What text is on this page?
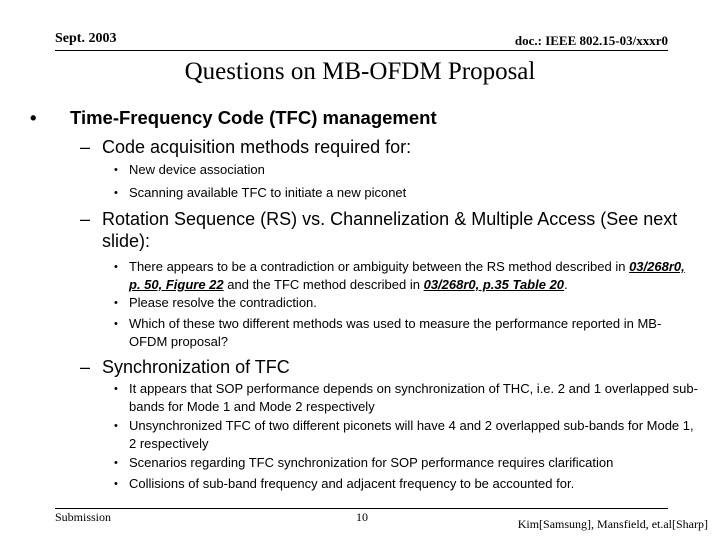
Sept. 2003	doc.: IEEE 802.15-03/xxxr0
Questions on MB-OFDM Proposal
• Time-Frequency Code (TFC) management
– Code acquisition methods required for:
• New device association
• Scanning available TFC to initiate a new piconet
– Rotation Sequence (RS) vs. Channelization & Multiple Access (See next slide):
• There appears to be a contradiction or ambiguity between the RS method described in 03/268r0, p. 50, Figure 22 and the TFC method described in 03/268r0, p.35 Table 20.
• Please resolve the contradiction.
• Which of these two different methods was used to measure the performance reported in MB-OFDM proposal?
– Synchronization of TFC
• It appears that SOP performance depends on synchronization of THC, i.e. 2 and 1 overlapped sub-bands for Mode 1 and Mode 2 respectively
• Unsynchronized TFC of two different piconets will have 4 and 2 overlapped sub-bands for Mode 1, 2 respectively
• Scenarios regarding TFC synchronization for SOP performance requires clarification
• Collisions of sub-band frequency and adjacent frequency to be accounted for.
Submission	10	Kim[Samsung], Mansfield, et.al[Sharp]
